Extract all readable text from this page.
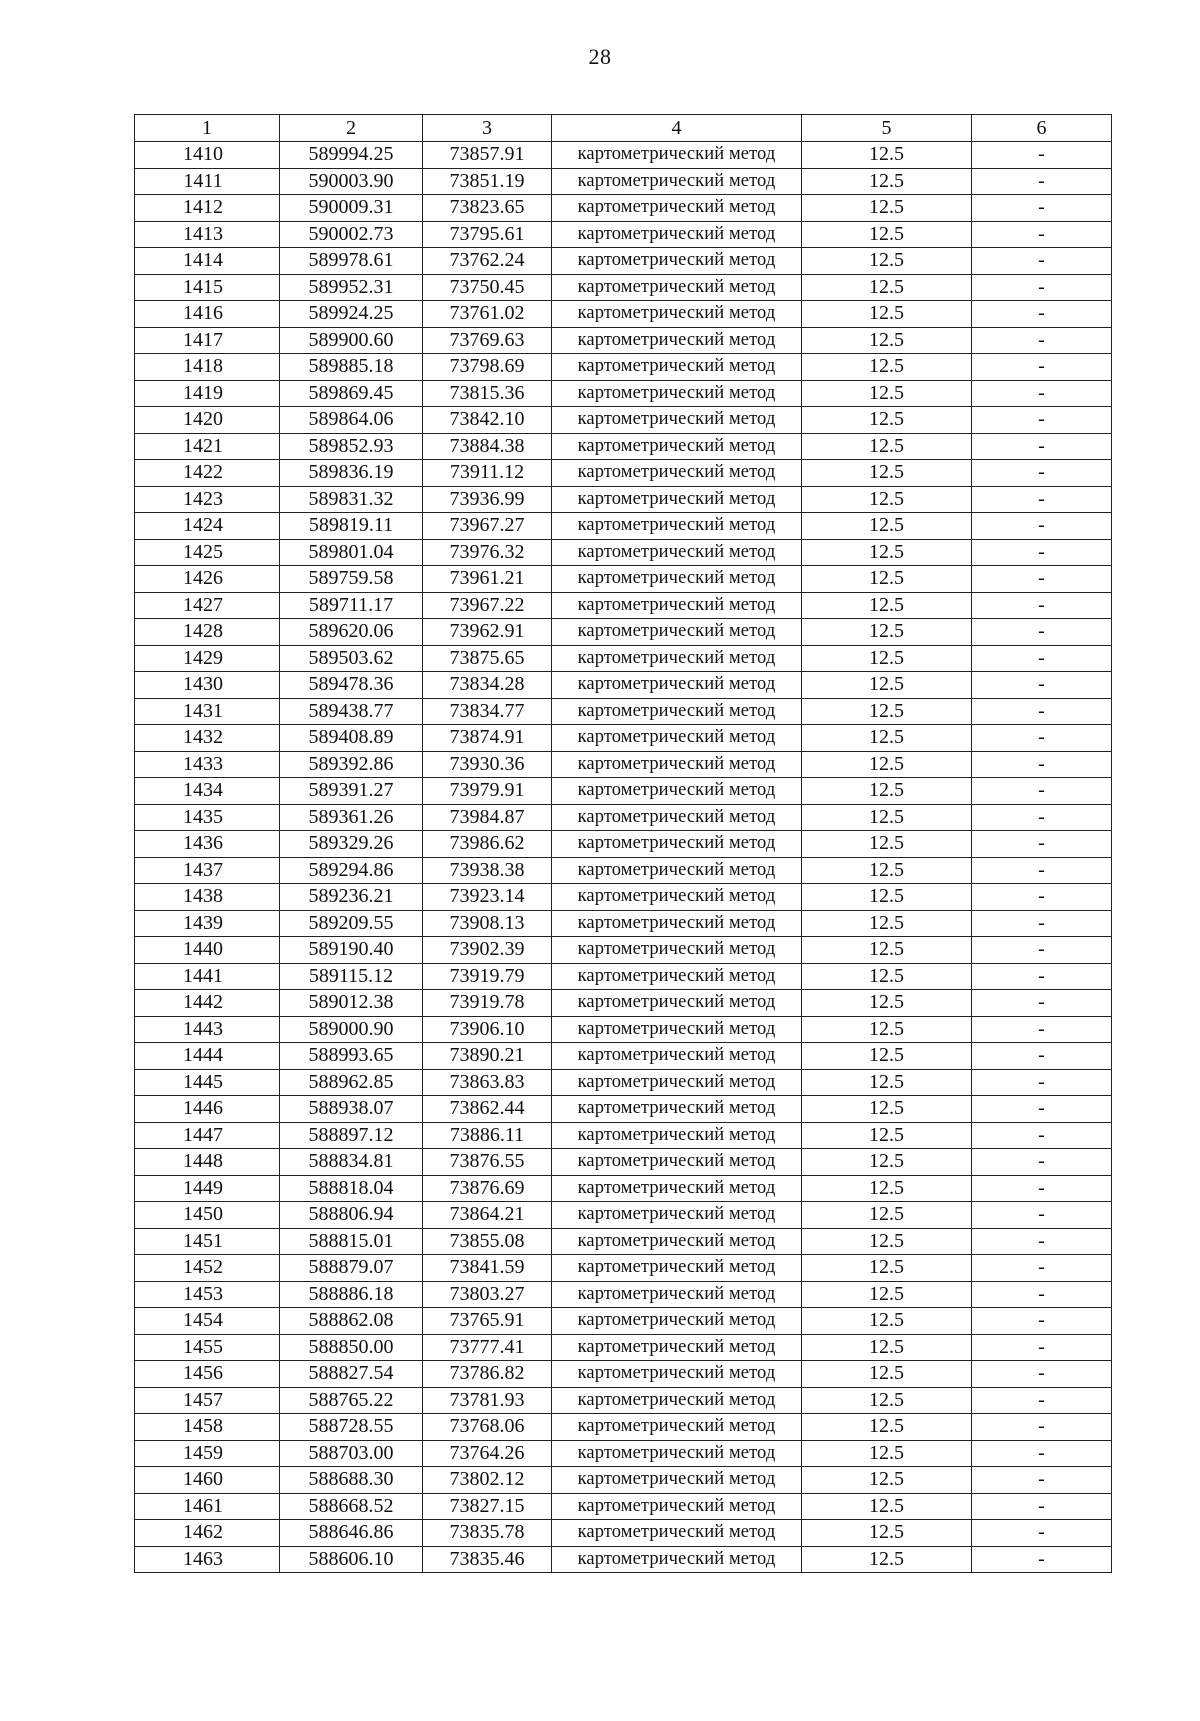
28
1	2	3	4	5	6
1410	589994.25	73857.91	картометрический метод	12.5	-
1411	590003.90	73851.19	картометрический метод	12.5	-
1412	590009.31	73823.65	картометрический метод	12.5	-
1413	590002.73	73795.61	картометрический метод	12.5	-
1414	589978.61	73762.24	картометрический метод	12.5	-
1415	589952.31	73750.45	картометрический метод	12.5	-
1416	589924.25	73761.02	картометрический метод	12.5	-
1417	589900.60	73769.63	картометрический метод	12.5	-
1418	589885.18	73798.69	картометрический метод	12.5	-
1419	589869.45	73815.36	картометрический метод	12.5	-
1420	589864.06	73842.10	картометрический метод	12.5	-
1421	589852.93	73884.38	картометрический метод	12.5	-
1422	589836.19	73911.12	картометрический метод	12.5	-
1423	589831.32	73936.99	картометрический метод	12.5	-
1424	589819.11	73967.27	картометрический метод	12.5	-
1425	589801.04	73976.32	картометрический метод	12.5	-
1426	589759.58	73961.21	картометрический метод	12.5	-
1427	589711.17	73967.22	картометрический метод	12.5	-
1428	589620.06	73962.91	картометрический метод	12.5	-
1429	589503.62	73875.65	картометрический метод	12.5	-
1430	589478.36	73834.28	картометрический метод	12.5	-
1431	589438.77	73834.77	картометрический метод	12.5	-
1432	589408.89	73874.91	картометрический метод	12.5	-
1433	589392.86	73930.36	картометрический метод	12.5	-
1434	589391.27	73979.91	картометрический метод	12.5	-
1435	589361.26	73984.87	картометрический метод	12.5	-
1436	589329.26	73986.62	картометрический метод	12.5	-
1437	589294.86	73938.38	картометрический метод	12.5	-
1438	589236.21	73923.14	картометрический метод	12.5	-
1439	589209.55	73908.13	картометрический метод	12.5	-
1440	589190.40	73902.39	картометрический метод	12.5	-
1441	589115.12	73919.79	картометрический метод	12.5	-
1442	589012.38	73919.78	картометрический метод	12.5	-
1443	589000.90	73906.10	картометрический метод	12.5	-
1444	588993.65	73890.21	картометрический метод	12.5	-
1445	588962.85	73863.83	картометрический метод	12.5	-
1446	588938.07	73862.44	картометрический метод	12.5	-
1447	588897.12	73886.11	картометрический метод	12.5	-
1448	588834.81	73876.55	картометрический метод	12.5	-
1449	588818.04	73876.69	картометрический метод	12.5	-
1450	588806.94	73864.21	картометрический метод	12.5	-
1451	588815.01	73855.08	картометрический метод	12.5	-
1452	588879.07	73841.59	картометрический метод	12.5	-
1453	588886.18	73803.27	картометрический метод	12.5	-
1454	588862.08	73765.91	картометрический метод	12.5	-
1455	588850.00	73777.41	картометрический метод	12.5	-
1456	588827.54	73786.82	картометрический метод	12.5	-
1457	588765.22	73781.93	картометрический метод	12.5	-
1458	588728.55	73768.06	картометрический метод	12.5	-
1459	588703.00	73764.26	картометрический метод	12.5	-
1460	588688.30	73802.12	картометрический метод	12.5	-
1461	588668.52	73827.15	картометрический метод	12.5	-
1462	588646.86	73835.78	картометрический метод	12.5	-
1463	588606.10	73835.46	картометрический метод	12.5	-
